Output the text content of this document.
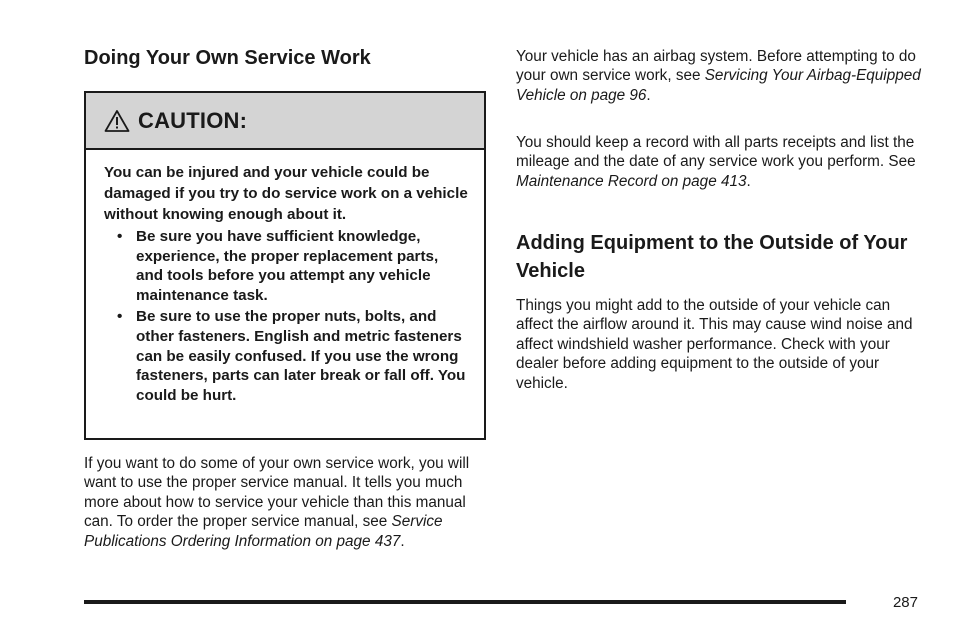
Doing Your Own Service Work
CAUTION:

You can be injured and your vehicle could be damaged if you try to do service work on a vehicle without knowing enough about it.

• Be sure you have sufficient knowledge, experience, the proper replacement parts, and tools before you attempt any vehicle maintenance task.
• Be sure to use the proper nuts, bolts, and other fasteners. English and metric fasteners can be easily confused. If you use the wrong fasteners, parts can later break or fall off. You could be hurt.

If you want to do some of your own service work, you will want to use the proper service manual. It tells you much more about how to service your vehicle than this manual can. To order the proper service manual, see Service Publications Ordering Information on page 437.

Your vehicle has an airbag system. Before attempting to do your own service work, see Servicing Your Airbag-Equipped Vehicle on page 96.

You should keep a record with all parts receipts and list the mileage and the date of any service work you perform. See Maintenance Record on page 413.

Adding Equipment to the Outside of Your Vehicle

Things you might add to the outside of your vehicle can affect the airflow around it. This may cause wind noise and affect windshield washer performance. Check with your dealer before adding equipment to the outside of your vehicle.

287
